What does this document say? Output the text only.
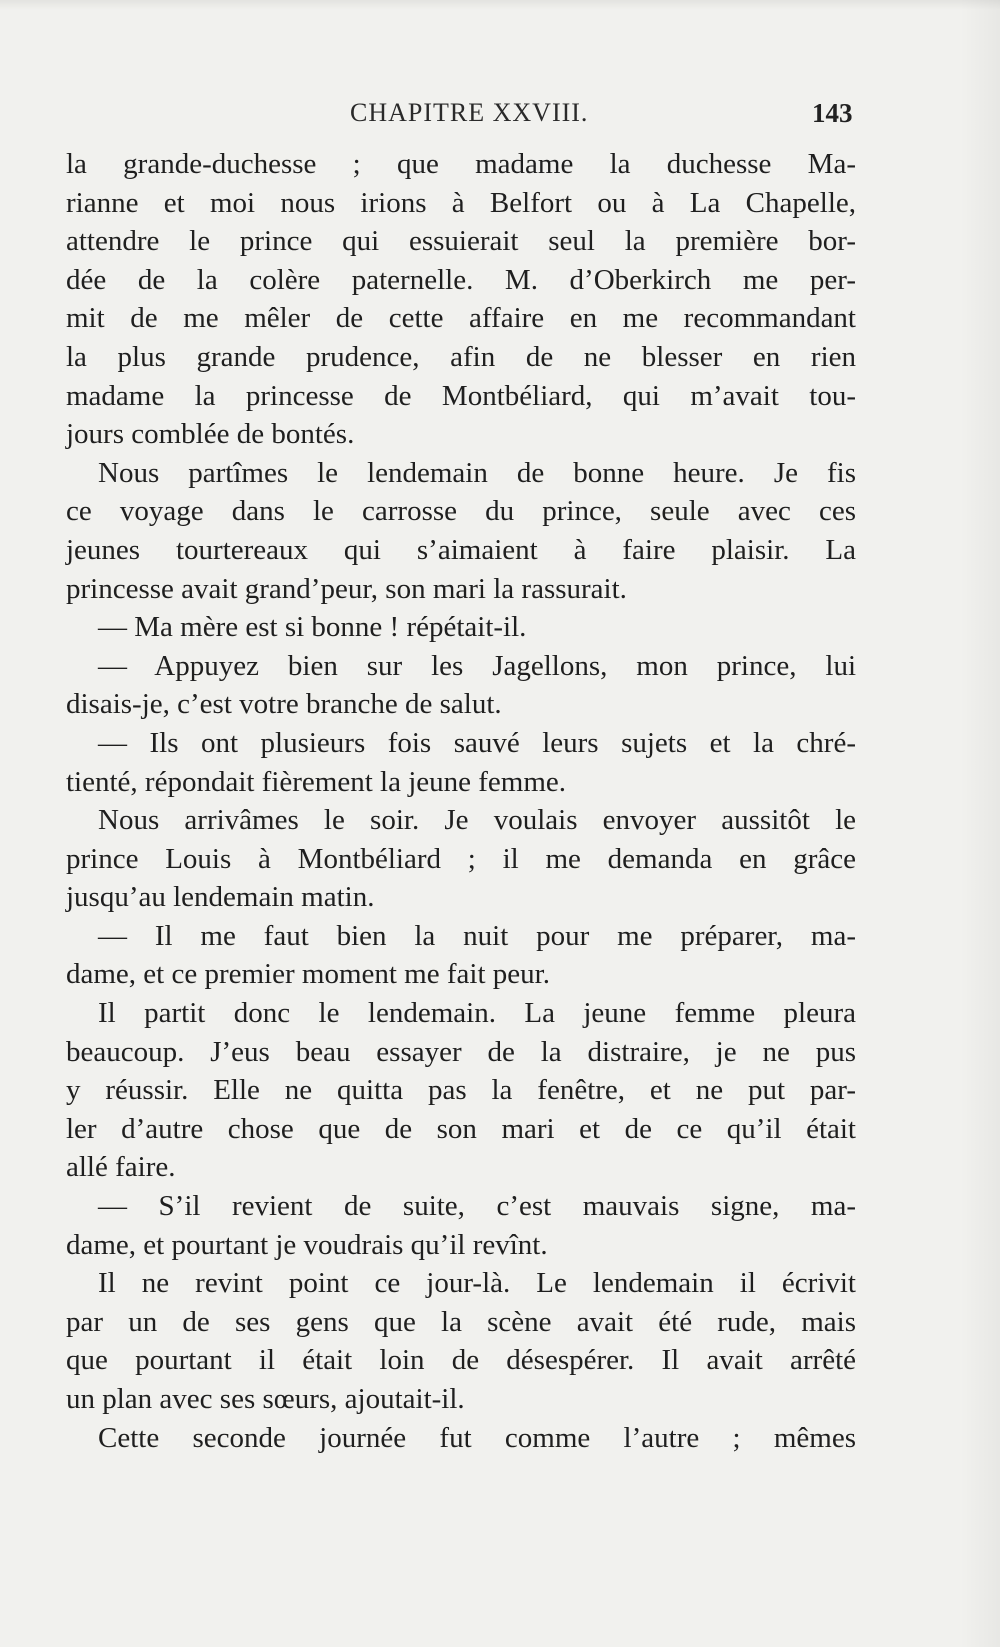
CHAPITRE XXVIII.	143
la grande-duchesse ; que madame la duchesse Ma-
rianne et moi nous irions à Belfort ou à La Chapelle,
attendre le prince qui essuierait seul la première bor-
dée de la colère paternelle. M. d’Oberkirch me per-
mit de me mêler de cette affaire en me recommandant
la plus grande prudence, afin de ne blesser en rien
madame la princesse de Montbéliard, qui m’avait tou-
jours comblée de bontés.
Nous partîmes le lendemain de bonne heure. Je fis
ce voyage dans le carrosse du prince, seule avec ces
jeunes tourtereaux qui s’aimaient à faire plaisir. La
princesse avait grand’peur, son mari la rassurait.
— Ma mère est si bonne ! répétait-il.
— Appuyez bien sur les Jagellons, mon prince, lui
disais-je, c’est votre branche de salut.
— Ils ont plusieurs fois sauvé leurs sujets et la chré-
tienté, répondait fièrement la jeune femme.
Nous arrivâmes le soir. Je voulais envoyer aussitôt le
prince Louis à Montbéliard ; il me demanda en grâce
jusqu’au lendemain matin.
— Il me faut bien la nuit pour me préparer, ma-
dame, et ce premier moment me fait peur.
Il partit donc le lendemain. La jeune femme pleura
beaucoup. J’eus beau essayer de la distraire, je ne pus
y réussir. Elle ne quitta pas la fenêtre, et ne put par-
ler d’autre chose que de son mari et de ce qu’il était
allé faire.
— S’il revient de suite, c’est mauvais signe, ma-
dame, et pourtant je voudrais qu’il revînt.
Il ne revint point ce jour-là. Le lendemain il écrivit
par un de ses gens que la scène avait été rude, mais
que pourtant il était loin de désespérer. Il avait arrêté
un plan avec ses sœurs, ajoutait-il.
Cette seconde journée fut comme l’autre ; mêmes
